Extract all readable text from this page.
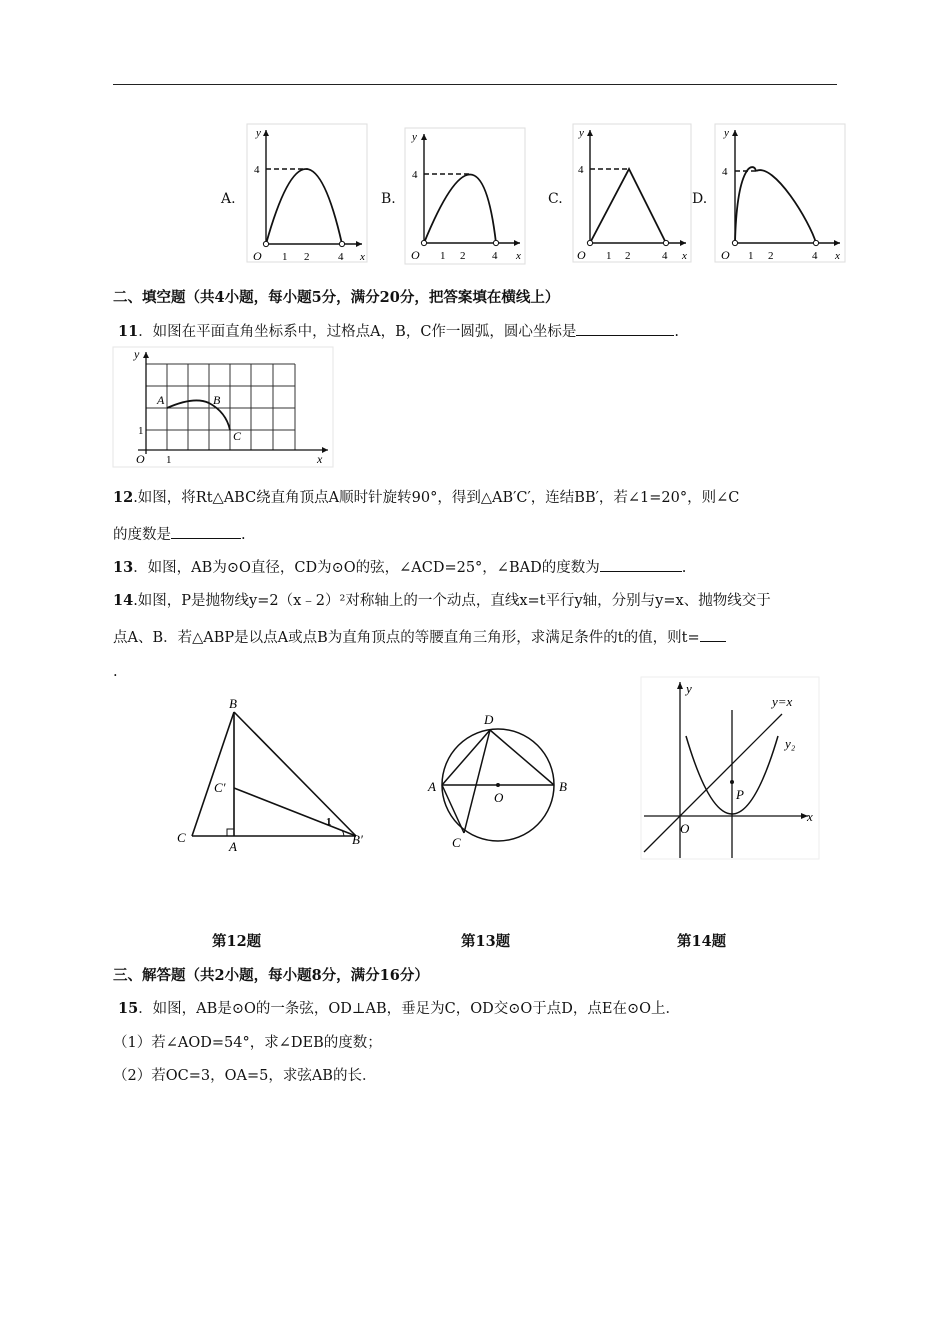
A.
y
4
O 1 2	4 x
B.
y
4
O 1 2 4 x
C.
y
4
O 1 2	4 x
D.
y
4
O 1 2	4 x
二、填空题（共4小题，每小题5分，满分20分，把答案填在横线上）
11．如图在平面直角坐标系中，过格点A，B，C作一圆弧，圆心坐标是	.
y
x
O 1
1
A	B
C
12.如图，将Rt△ABC绕直角顶点A顺时针旋转90°，得到△AB′C′，连结BB′，若∠1=20°，则∠C
的度数是	.
13．如图，AB为⊙O直径，CD为⊙O的弦，∠ACD=25°，∠BAD的度数为	.
14.如图，P是抛物线y=2（x﹣2）²对称轴上的一个动点，直线x=t平行y轴，分别与y=x、抛物线交于
点A、B．若△ABP是以点A或点B为直角顶点的等腰直角三角形，求满足条件的t的值，则t=
.
B
C′
C
A	B′
1
D
A
O
B
C
y
y=x
y₂
P
O
x
第12题	第13题	第14题
三、解答题（共2小题，每小题8分，满分16分）
15．如图，AB是⊙O的一条弦，OD⊥AB，垂足为C，OD交⊙O于点D，点E在⊙O上．
（1）若∠AOD=54°，求∠DEB的度数；
（2）若OC=3，OA=5，求弦AB的长．
